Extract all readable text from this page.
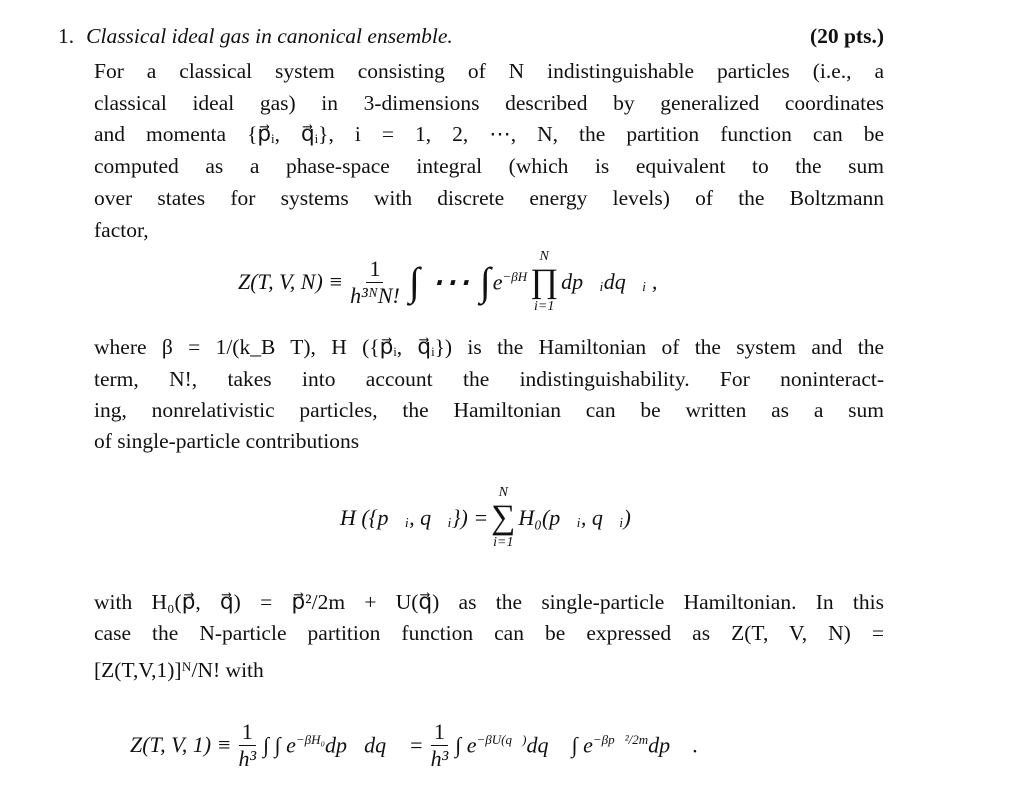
1. Classical ideal gas in canonical ensemble.	(20 pts.)
For a classical system consisting of N indistinguishable particles (i.e., a
classical ideal gas) in 3-dimensions described by generalized coordinates
and momenta {p⃗ᵢ, q⃗ᵢ}, i = 1, 2, ⋯, N, the partition function can be
computed as a phase-space integral (which is equivalent to the sum
over states for systems with discrete energy levels) of the Boltzmann
factor,
Z(T, V, $N) \equiv \frac{1}{\text{h³ᴺN!}}$ ∫ ⋯ ∫ $e^{-\beta H}$
N
∏
i=1
dp⃗ᵢdq⃗ᵢ ,
where β = 1/(k_B T), H ({p⃗ᵢ, q⃗ᵢ}) is the Hamiltonian of the system and the
term, N!, takes into account the indistinguishability. For noninteract-
ing, nonrelativistic particles, the Hamiltonian can be written as a sum
of single-particle contributions
H ({p⃗ᵢ, q⃗ᵢ}) =
N
∑
i=1
H₀(p⃗ᵢ, q⃗ᵢ)
with H₀(p⃗, q⃗) = p⃗²/2m + U(q⃗) as the single-particle Hamiltonian. In this
case the N-particle partition function can be expressed as Z(T, V, N) =
[Z(T,V,1)]ᴺ/N! with
Z(T, V, $1) \equiv \frac{1}{\text{h³}}$ ∫ ∫ $e^{-\beta H_0}dp⃗dq⃗ = \frac{1}{\text{h³}}$ ∫ $e^{-\beta U(q⃗)}dq⃗$ ∫ $e^{-\beta p⃗^2/2m}dp⃗$ .
